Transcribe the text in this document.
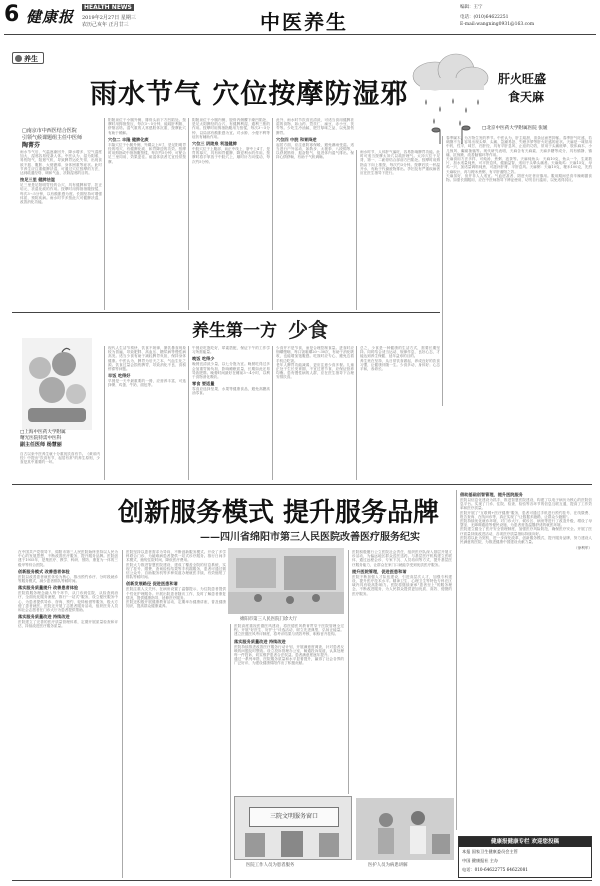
6 健康报
HEALTH NEWS
2019年2月27日 星期三
农历己亥年 正月廿三	中医养生
编辑：王宁
电话：(010)64622251
E-mail:wangning0931@163.com
养生
雨水节气 穴位按摩防湿邪	肝火旺盛
食天麻
□南京市中西医结合医院
引领气候课题组主任中医师
陶菁芬
□北京中医药大学附属医院 张媛
雨水节气后，气温逐渐回升，降水增多，空气湿度加大，湿邪容易侵袭人体。中医认为，湿为阴邪，易伤阳气，阻遏气机，导致脾胃运化失常，出现食欲不振、腹胀、大便溏薄、身体困重等症状。此时节养生应注重健脾祛湿，可通过穴位按摩的方法，达到疏通经络、调和气血、祛除湿邪的目的。
按足三里 健脾祛湿
足三里是足阳明胃经的合穴，具有健脾和胃、扶正培元、祛湿化痰的作用。按摩时用拇指指腹按揉，每次3～5分钟，以有酸胀感为度。长期坚持可增强体质，预防疾病。雨水时节多按此穴可健脾祛湿，改善消化功能。
阳陵泉位于小腿外侧，腓骨头前下方凹陷处。按摩时用拇指按压，每次3～5分钟，能疏肝利胆、舒筋活络。湿气重的人常感肢体沉重，按摩此穴有助于缓解。
穴位二 丰隆 健脾化痰
丰隆穴位于小腿外侧，外踝尖上8寸，是足阳明胃经的络穴，有健脾化痰、和胃降逆的功效。按摩时用拇指或中指指腹按揉，每次约5分钟，可配合足三里同用，效果更佳。痰湿体质者尤宜经常按摩。
阴陵泉位于小腿内侧，胫骨内侧髁下缘凹陷处，是足太阴脾经的合穴，有健脾利湿、通利三焦的作用。按摩时用拇指指腹用力按揉，每次3～5分钟，以局部有酸胀感为宜。对水肿、小便不利等症状有辅助作用。
穴位三 阴陵泉 利湿健脾
中脘穴位于上腹部，前正中线上，脐中上4寸，是胃的募穴，具有和胃健脾、降逆利水的作用。按摩时将手掌放于中脘穴上，顺时针方向揉动，每次约5分钟。
此外，雨水时节饮食宜清淡，可适当食用健脾祛湿的食物，如山药、薏苡仁、扁豆、赤小豆、茯苓等。少吃生冷油腻、肥甘厚味之品，以免损伤脾胃。
穴位四 中脘 和胃降逆
起居方面，应注意防寒保暖，避免淋雨受湿。适当进行户外活动，如散步、太极拳、八段锦等，以舒展筋骨、振奋阳气，促进体内湿气排出。保持心情舒畅，有助于气机调畅。
雨水时节，人体肝气偏旺，容易影响脾胃功能。此时可适当按摩太冲穴以疏肝理气。太冲穴位于足背，第一、二跖骨结合部前方凹陷处。按摩时用拇指由下向上推按，每次约3分钟。按摩后饮一杯温开水，有助于代谢废物排出。孕妇及有严重疾病者应在医生指导下进行。
春季属木，为万物生发的季节。中医认为，肝主疏泄，喜条达而恶抑郁。春季肝气旺盛，若调摄不当，容易出现头晕、头痛、急躁易怒、失眠多梦等肝火旺盛的症状。天麻是一味常用中药，性平，味甘，归肝经，具有平肝息风、止痉的功效，常用于头痛眩晕、肢体麻木、小儿惊风、癫痫抽搐等。现代研究表明，天麻含有天麻素、天麻多糖等成分，具有镇静、镇痛、抗惊厥、改善脑循环等作用。
天麻食用方法多样，可炖汤、煮粥、泡茶等。天麻炖鱼头：天麻10克，鱼头一个，生姜数片，加水适量炖煮，可平肝息风、健脑益智，适用于头晕头痛者。天麻炖鸡：天麻15克，母鸡一只，加适量调料炖煮，可滋补肝肾、平肝息风。天麻粥：天麻10克，粳米100克，先煎天麻取汁，再与粳米煮粥，有平肝潜阳之效。
天麻虽好，但并非人人适宜。气血虚甚者、阴虚火旺者应慎用。服用期间忌食辛辣刺激食物。如需长期服用，应在中医师指导下辨证使用，切勿自行滥用，以免适得其反。
养生第一方 少食
□上海中医药大学附属
曙光医院特需中医科
副主任医师 杨慧丽
自古以来中医养生就十分重视饮食有节。《黄帝内经》中提出"饮食有节，起居有常"的养生原则，少食是其中重要的一环。
现代人生活节奏快，饮食不规律，暴饮暴食现象较为普遍，导致肥胖、高血压、糖尿病等慢性病高发。适当少食有助于减轻脾胃负担，保持身体健康。中医认为，脾胃为后天之本，气血生化之源。饮食过量会损伤脾胃，导致消化不良、食积停滞等问题。
早饭 吃得好
早餐是一天中最重要的一餐，应营养丰富，可选择粥、鸡蛋、牛奶、面包等。
午餐应吃饱吃好，荤素搭配，保证下午的工作学习所需能量。
晚饭 吃得少
晚餐宜清淡少量，以七分饱为宜。晚餐吃得过多会加重胃肠负担，影响睡眠质量，长期如此还易导致肥胖。晚餐时间最好在睡前3～4小时，以利于食物消化吸收。
零食 要适量
零食应选择坚果、水果等健康食品，避免高糖高油零食。
少食并不是节食，而是合理控制食量。进食时应细嚼慢咽，每口饭咀嚼20～30次，有助于消化吸收，也能增加饱腹感。吃饭时应专心，避免边看手机边吃饭。
老年人脾胃功能减弱，更应注意少食多餐。儿童正处于生长发育期，不宜过度节食，应保证营养均衡。患有慢性病的人群，应在医生指导下合理安排饮食。
总之，少食是一种健康的生活方式，需要长期坚持。同时结合适当运动、规律作息、良好心态，才能达到养生保健、延年益寿的目的。
养生贵在坚持，从日常饮食做起，养成良好的饮食习惯，让健康伴随一生。少食多动，身体好；心态平和，寿命长。
创新服务模式 提升服务品牌
——四川省绵阳市第三人民医院改善医疗服务纪实
在中国共产党领导下，绵阳市第三人民医院始终坚持以人民为中心的发展思想，不断改善医疗服务，提升服务品牌。医院创建于1955年，是集医疗、教学、科研、预防、康复为一体的三级甲等综合医院。
创新服务模式 改善患者体验
医院以改善患者就医体验为核心，推出预约诊疗、分时段就诊等服务模式，减少患者排队等候时间。
落实服务质量提升 改善患者体验
医院将服务理念融入每个环节，从门诊到住院，从检查到治疗，全面优化服务流程，推行"一站式"服务，设立便民服务中心，为患者提供导诊、咨询、预约、轮椅租借等服务，极大方便了患者就医。医院还开展了志愿者服务活动，组织医务人员和社会志愿者在门诊大厅为患者提供帮助。
落实服务质量改进 持续改进
医院建立了完善的医疗质量管理体系，定期开展质量检查和评估，持续改进医疗服务质量。
医院坚持以患者需求为导向，不断创新服务模式。开设了多学科联合门诊，为疑难病患者提供一站式诊疗服务。推行日间手术模式，缩短住院时间，降低医疗费用。
医院大力推进智慧医院建设，建成了覆盖全院的信息系统，实现了挂号、缴费、查询检验结果等手机端服务，患者可通过微信公众号、自助服务机等多种渠道办理就医手续，有效缩短了排队等候时间。
创新发展路径 促进医患和谐
医院注重人文关怀，在病房设置了温馨提示，为住院患者提供个性化护理服务。开展出院患者随访工作，及时了解患者康复情况，提供健康指导，延伸医疗服务。
医院还积极开展健康教育活动，定期举办健康讲座，普及健康知识，提高群众健康素养。
绵阳市第三人民医院门诊大厅
医院高度重视医德医风建设，将医德医风教育贯穿于医院管理全过程。开展"好医生、好护士"评选活动，树立先进典型，弘扬正能量。建立医德医风考评制度，将考评结果与绩效考核、职称晋升挂钩。
落实服务质量改进 持续改进
医院持续推进改善医疗服务行动计划，开展满意度调查，针对患者反映的问题及时整改。设立投诉管理办公室，畅通投诉渠道，认真处理每一件投诉，切实维护患者合法权益。患者满意度逐年提升。
通过一系列举措，医院服务质量和水平显著提升，赢得了社会各界的广泛好评，为建设健康绵阳作出了积极贡献。
医院积极履行公立医院社会责任，组织医疗队深入基层开展义诊活动，为偏远地区群众送医送药。与基层医疗机构建立医联体，通过远程会诊、专家下沉、人员培训等方式，提升基层医疗服务能力，让群众在家门口就能享受到优质医疗服务。
提升医院管理，促进医患和谐
医院不断加强人才队伍建设，引进高层次人才，加强专科建设，提升医疗技术水平。精神卫生、心理卫生等特色专科在区域内具有较高影响力。医院将继续秉承"患者至上"的服务理念，不断改进服务，为人民群众提供更加优质、高效、便捷的医疗服务。
借助基础创智管理，提升医院服务
医院以信息化建设为抓手，推进智慧医院建设，构建了以电子病历为核心的医院信息平台。实现了门诊、住院、检查、检验等各环节的信息互联互通，提高了工作效率和医疗质量。
医院开展了"互联网+医疗健康"服务，患者可通过手机进行预约挂号、在线缴费、报告查询、在线问诊等，真正实现了"让数据多跑路，让群众少跑腿"。
医院持续优化就诊环境，对门诊大厅、候诊区、病房等进行了改造升级，增设了母婴室、无障碍通道等便民设施，为患者营造温馨舒适的就医环境。
医院建立健全了医疗安全管理制度，加强医疗风险防范，确保医疗安全。开展了医疗质量持续改进活动，各项医疗质量指标持续向好。
医院将以此为契机，进一步深化改革，创新服务模式，提升服务品牌，努力建设人民满意的医院，为推进健康中国建设贡献力量。
（徐利军）
健康报健康专栏 欢迎您投稿
本报 国家卫生健康委员会主管
中国 健康报社 主办
电话：010-64622775 64622081
三院文明服务窗口
医院工作人员为患者服务	医护人员为病患讲解
